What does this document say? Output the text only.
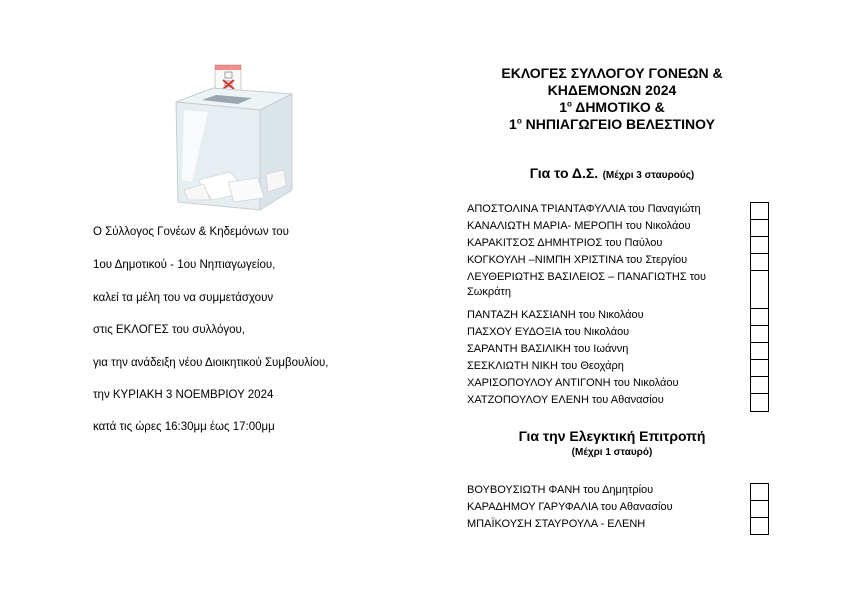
Ο Σύλλογος Γονέων & Κηδεμόνων του
1ου Δημοτικού - 1ου Νηπιαγωγείου,
καλεί τα μέλη του να συμμετάσχουν
στις ΕΚΛΟΓΕΣ του συλλόγου,
για την ανάδειξη νέου Διοικητικού Συμβουλίου,
την ΚΥΡΙΑΚΗ 3 ΝΟΕΜΒΡΙΟΥ 2024
κατά τις ώρες 16:30μμ έως 17:00μμ
ΕΚΛΟΓΕΣ ΣΥΛΛΟΓΟΥ ΓΟΝΕΩΝ &
ΚΗΔΕΜΟΝΩΝ 2024
$1^o$ ΔΗΜΟΤΙΚΟ &
$1^o$ ΝΗΠΙΑΓΩΓΕΙΟ ΒΕΛΕΣΤΙΝΟΥ
Για το Δ.Σ. (Μέχρι 3 σταυρούς)
ΑΠΟΣΤΟΛΙΝΑ ΤΡΙΑΝΤΑΦΥΛΛΙΑ του Παναγιώτη
ΚΑΝΑΛΙΩΤΗ ΜΑΡΙΑ- ΜΕΡΟΠΗ του Νικολάου
ΚΑΡΑΚΙΤΣΟΣ ΔΗΜΗΤΡΙΟΣ του Παύλου
ΚΟΓΚΟΥΛΗ –ΝΙΜΠΗ ΧΡΙΣΤΙΝΑ του Στεργίου
ΛΕΥΘΕΡΙΩΤΗΣ ΒΑΣΙΛΕΙΟΣ – ΠΑΝΑΓΙΩΤΗΣ του Σωκράτη
ΠΑΝΤΑΖΗ ΚΑΣΣΙΑΝΗ του Νικολάου
ΠΑΣΧΟΥ ΕΥΔΟΞΙΑ του Νικολάου
ΣΑΡΑΝΤΗ ΒΑΣΙΛΙΚΗ του Ιωάννη
ΣΕΣΚΛΙΩΤΗ ΝΙΚΗ του Θεοχάρη
ΧΑΡΙΣΟΠΟΥΛΟΥ ΑΝΤΙΓΟΝΗ του Νικολάου
ΧΑΤΖΟΠΟΥΛΟΥ ΕΛΕΝΗ του Αθανασίου
Για την Ελεγκτική Επιτροπή
(Μέχρι 1 σταυρό)
ΒΟΥΒΟΥΣΙΩΤΗ ΦΑΝΗ του Δημητρίου
ΚΑΡΑΔΗΜΟΥ ΓΑΡΥΦΑΛΙΑ του Αθανασίου
ΜΠΑΪΚΟΥΣΗ ΣΤΑΥΡΟΥΛΑ - ΕΛΕΝΗ
